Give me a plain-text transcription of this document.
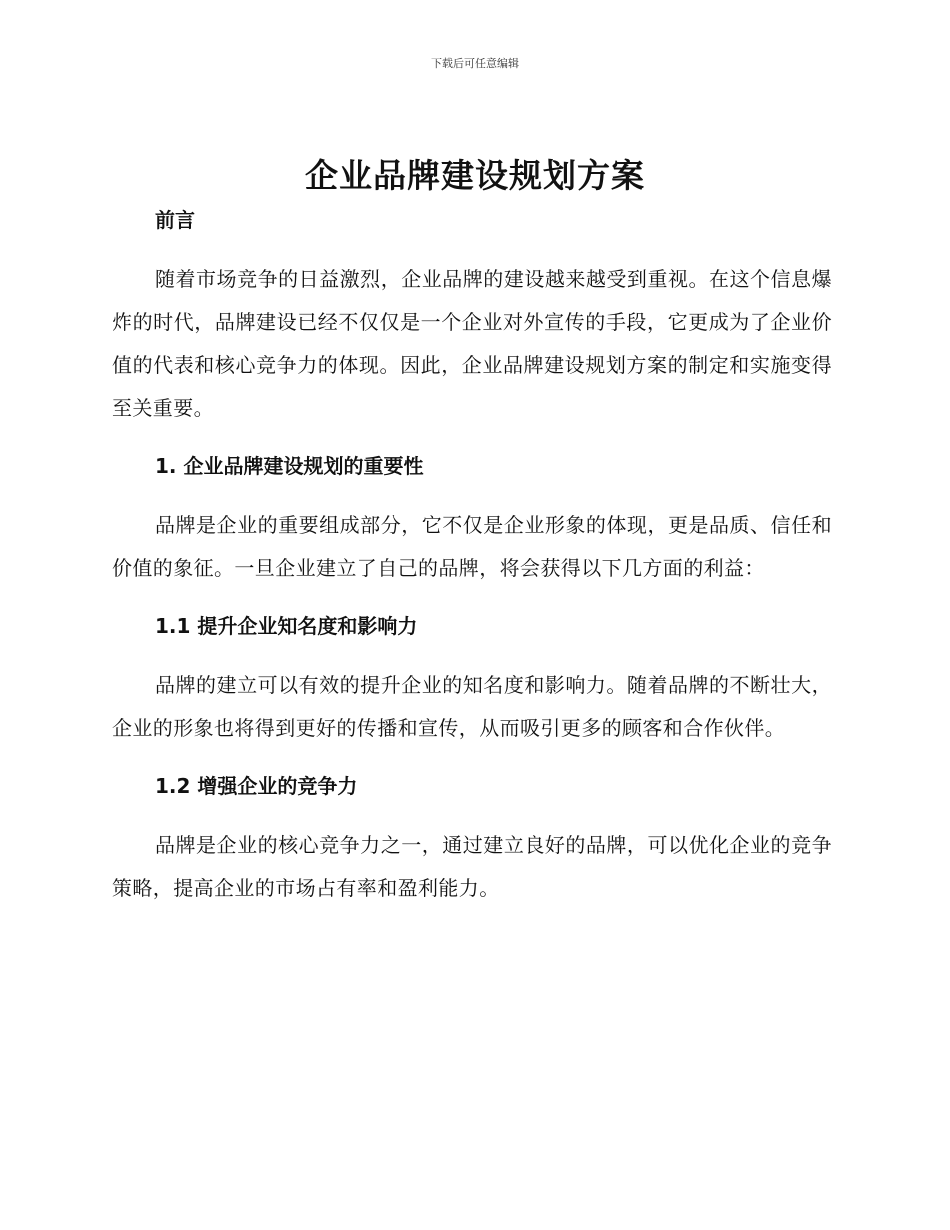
下载后可任意编辑
企业品牌建设规划方案
前言

随着市场竞争的日益激烈，企业品牌的建设越来越受到重视。在这个信息爆炸的时代，品牌建设已经不仅仅是一个企业对外宣传的手段，它更成为了企业价值的代表和核心竞争力的体现。因此，企业品牌建设规划方案的制定和实施变得至关重要。

1. 企业品牌建设规划的重要性

品牌是企业的重要组成部分，它不仅是企业形象的体现，更是品质、信任和价值的象征。一旦企业建立了自己的品牌，将会获得以下几方面的利益：

1.1 提升企业知名度和影响力

品牌的建立可以有效的提升企业的知名度和影响力。随着品牌的不断壮大，企业的形象也将得到更好的传播和宣传，从而吸引更多的顾客和合作伙伴。

1.2 增强企业的竞争力

品牌是企业的核心竞争力之一，通过建立良好的品牌，可以优化企业的竞争策略，提高企业的市场占有率和盈利能力。
